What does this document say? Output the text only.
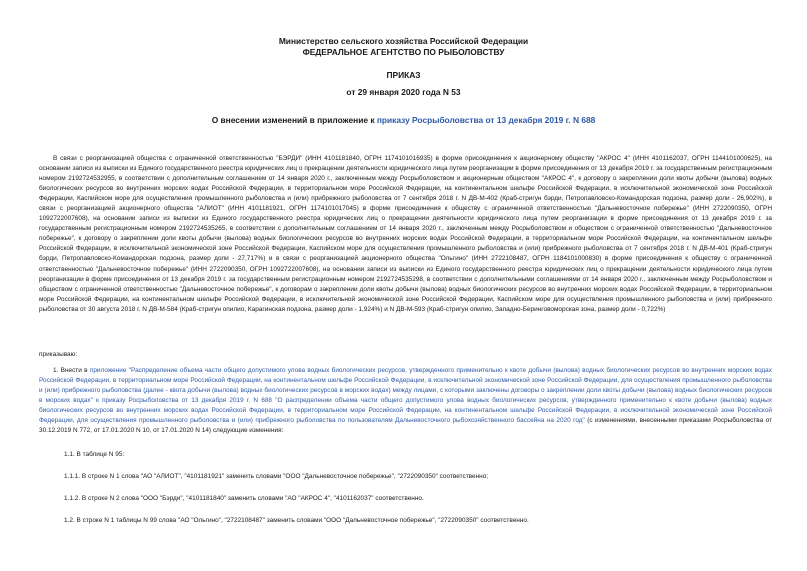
Министерство сельского хозяйства Российской Федерации
ФЕДЕРАЛЬНОЕ АГЕНТСТВО ПО РЫБОЛОВСТВУ
ПРИКАЗ
от 29 января 2020 года N 53
О внесении изменений в приложение к приказу Росрыболовства от 13 декабря 2019 г. N 688

В связи с реорганизацией общества с ограниченной ответственностью "БЭРДИ" (ИНН 4101181840, ОГРН 1174101016935) в форме присоединения к акционерному обществу "АКРОС 4" (ИНН 4101162037, ОГРН 1144101000625), на основании записи из выписки из Единого государственного реестра юридических лиц о прекращении деятельности юридического лица путем реорганизации в форме присоединения от 13 декабря 2019 г. за государственным регистрационным номером 2192724532955, в соответствии с дополнительным соглашением от 14 января 2020 г., заключенным между Росрыболовством и акционерным обществом "АКРОС 4", к договору о закреплении доли квоты добычи (вылова) водных биологических ресурсов во внутренних морских водах Российской Федерации, в территориальном море Российской Федерации, на континентальном шельфе Российской Федерации, в исключительной экономической зоне Российской Федерации, Каспийском море для осуществления промышленного рыболовства и (или) прибрежного рыболовства от 7 сентября 2018 г. N ДВ-М-402 (Краб-стригун бэрди, Петропавловско-Командорская подзона, размер доли - 26,902%), в связи с реорганизацией акционерного общества "АЛИОТ" (ИНН 4101181921, ОГРН 1174101017045) в форме присоединения к обществу с ограниченной ответственностью "Дальневосточное побережье" (ИНН 2722090350, ОГРН 1092722007608), на основании записи из выписки из Единого государственного реестра юридических лиц о прекращении деятельности юридического лица путем реорганизации в форме присоединения от 13 декабря 2019 г. за государственным регистрационным номером 2192724535265, в соответствии с дополнительным соглашением от 14 января 2020 г., заключенным между Росрыболовством и обществом с ограниченной ответственностью "Дальневосточное побережье", к договору о закреплении доли квоты добычи (вылова) водных биологических ресурсов во внутренних морских водах Российской Федерации, в территориальном море Российской Федерации, на континентальном шельфе Российской Федерации, в исключительной экономической зоне Российской Федерации, Каспийском море для осуществления промышленного рыболовства и (или) прибрежного рыболовства от 7 сентября 2018 г. N ДВ-М-401 (Краб-стригун бэрди, Петропавловско-Командорская подзона, размер доли - 27,717%) и в связи с реорганизацией акционерного общества "Ольгино" (ИНН 2722108487, ОГРН 1184101000830) в форме присоединения к обществу с ограниченной ответственностью "Дальневосточное побережье" (ИНН 2722090350, ОГРН 1092722007608), на основании записи из выписки из Единого государственного реестра юридических лиц о прекращении деятельности юридического лица путем реорганизации в форме присоединения от 13 декабря 2019 г. за государственным регистрационным номером 2192724535298, в соответствии с дополнительными соглашениями от 14 января 2020 г., заключенным между Росрыболовством и обществом с ограниченной ответственностью "Дальневосточное побережье", к договорам о закреплении доли квоты добычи (вылова) водных биологических ресурсов во внутренних морских водах Российской Федерации, в территориальном море Российской Федерации, на континентальном шельфе Российской Федерации, в исключительной экономической зоне Российской Федерации, Каспийском море для осуществления промышленного рыболовства и (или) прибрежного рыболовства от 30 августа 2018 г. N ДВ-М-584 (Краб-стригун опилио, Карагинская подзона, размер доли - 1,924%) и N ДВ-М-593 (Краб-стригун опилио, Западно-Беринговоморская зона, размер доли - 0,722%)

приказываю:

1. Внести в приложение "Распределение объема части общего допустимого улова водных биологических ресурсов, утвержденного применительно к квоте добычи (вылова) водных биологических ресурсов во внутренних морских водах Российской Федерации, в территориальном море Российской Федерации, на континентальном шельфе Российской Федерации, в исключительной экономической зоне Российской Федерации, для осуществления промышленного рыболовства и (или) прибрежного рыболовства (далее - квота добычи (вылова) водных биологических ресурсов в морских водах) между лицами, с которыми заключены договоры о закреплении доли квоты добычи (вылова) водных биологических ресурсов в морских водах" к приказу Росрыболовства от 13 декабря 2019 г. N 688 "О распределении объема части общего допустимого улова водных биологических ресурсов, утвержденного применительно к квоте добычи (вылова) водных биологических ресурсов во внутренних морских водах Российской Федерации, в территориальном море Российской Федерации, на континентальном шельфе Российской Федерации, в исключительной экономической зоне Российской Федерации, для осуществления промышленного рыболовства и (или) прибрежного рыболовства по пользователям Дальневосточного рыбохозяйственного бассейна на 2020 год" (с изменениями, внесенными приказами Росрыболовства от 30.12.2019 N 772, от 17.01.2020 N 10, от 17.01.2020 N 14) следующие изменения:

1.1. В таблице N 95:

1.1.1. В строке N 1 слова "АО "АЛИОТ", "4101181921" заменить словами "ООО "Дальневосточное побережье", "2722090350" соответственно;

1.1.2. В строке N 2 слова "ООО "Бэрди", "4101181840" заменить словами "АО "АКРОС 4", "4101162037" соответственно.

1.2. В строке N 1 таблицы N 99 слова "АО "Ольгино", "2722108487" заменить словами "ООО "Дальневосточное побережье", "2722090350" соответственно.
